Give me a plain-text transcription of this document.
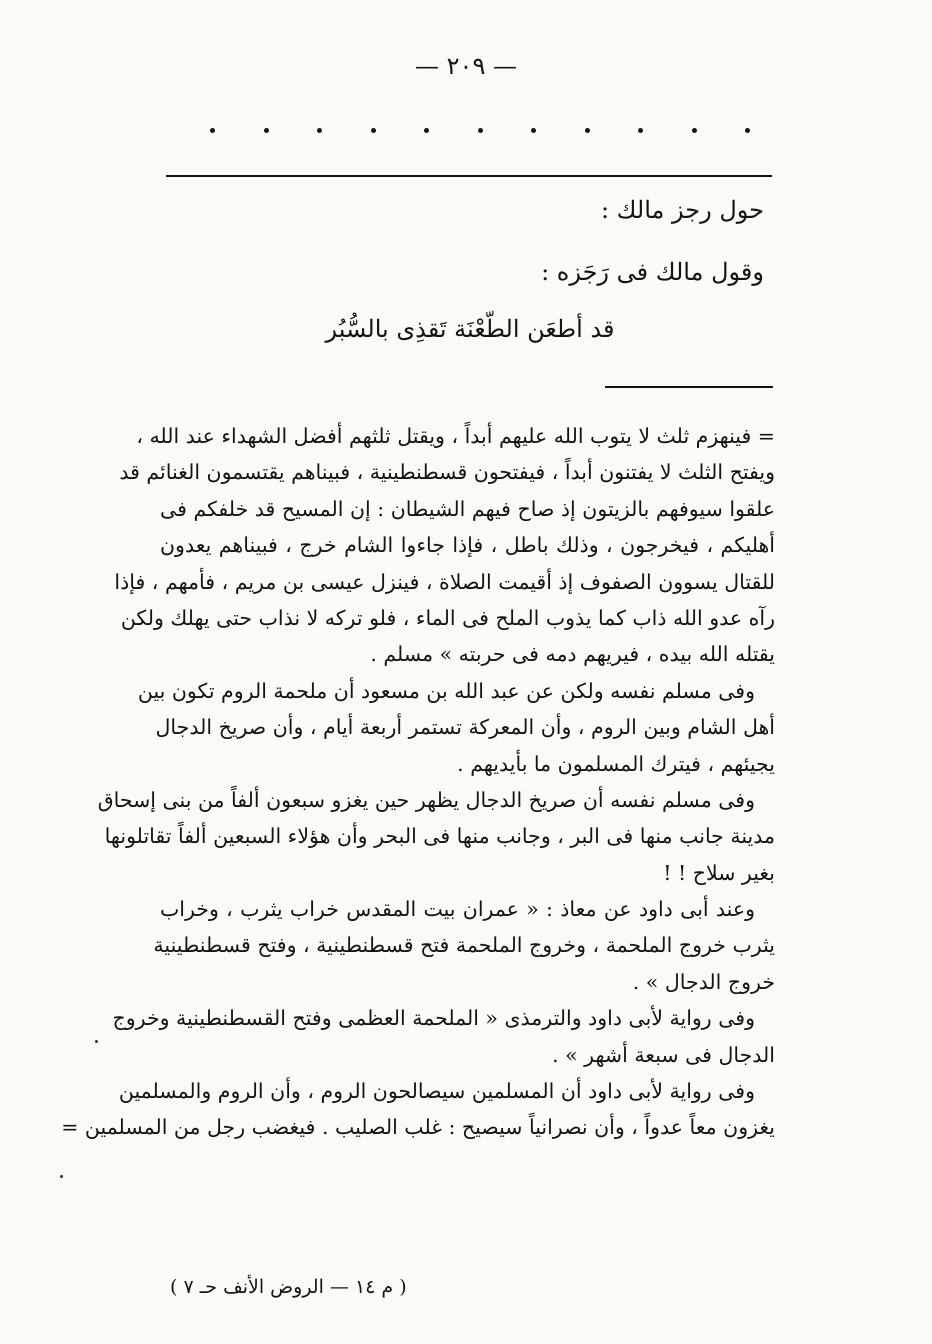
— ٢٠٩ —
حول رجز مالك :
وقول مالك فى رَجَزه :
قد أطعَن الطّعْنَة تَقذِى بالسُّبُر
= فينهزم ثلث لا يتوب الله عليهم أبداً ، ويقتل ثلثهم أفضل الشهداء عند الله ،
ويفتح الثلث لا يفتنون أبداً ، فيفتحون قسطنطينية ، فبيناهم يقتسمون الغنائم قد
علقوا سيوفهم بالزيتون إذ صاح فيهم الشيطان : إن المسيح قد خلفكم فى
أهليكم ، فيخرجون ، وذلك باطل ، فإذا جاءوا الشام خرج ، فبيناهم يعدون
للقتال يسوون الصفوف إذ أقيمت الصلاة ، فينزل عيسى بن مريم ، فأمهم ، فإذا
رآه عدو الله ذاب كما يذوب الملح فى الماء ، فلو تركه لا نذاب حتى يهلك ولكن
يقتله الله بيده ، فيريهم دمه فى حربته » مسلم .
وفى مسلم نفسه ولكن عن عبد الله بن مسعود أن ملحمة الروم تكون بين
أهل الشام وبين الروم ، وأن المعركة تستمر أربعة أيام ، وأن صريخ الدجال
يجيئهم ، فيترك المسلمون ما بأيديهم .
وفى مسلم نفسه أن صريخ الدجال يظهر حين يغزو سبعون ألفاً من بنى إسحاق
مدينة جانب منها فى البر ، وجانب منها فى البحر وأن هؤلاء السبعين ألفاً تقاتلونها
بغير سلاح ! !
وعند أبى داود عن معاذ : « عمران بيت المقدس خراب يثرب ، وخراب
يثرب خروج الملحمة ، وخروج الملحمة فتح قسطنطينية ، وفتح قسطنطينية
خروج الدجال » .
وفى رواية لأبى داود والترمذى « الملحمة العظمى وفتح القسطنطينية وخروج
الدجال فى سبعة أشهر » .
وفى رواية لأبى داود أن المسلمين سيصالحون الروم ، وأن الروم والمسلمين
يغزون معاً عدواً ، وأن نصرانياً سيصيح : غلب الصليب . فيغضب رجل من المسلمين =
( م ١٤ — الروض الأنف حـ ٧ )
